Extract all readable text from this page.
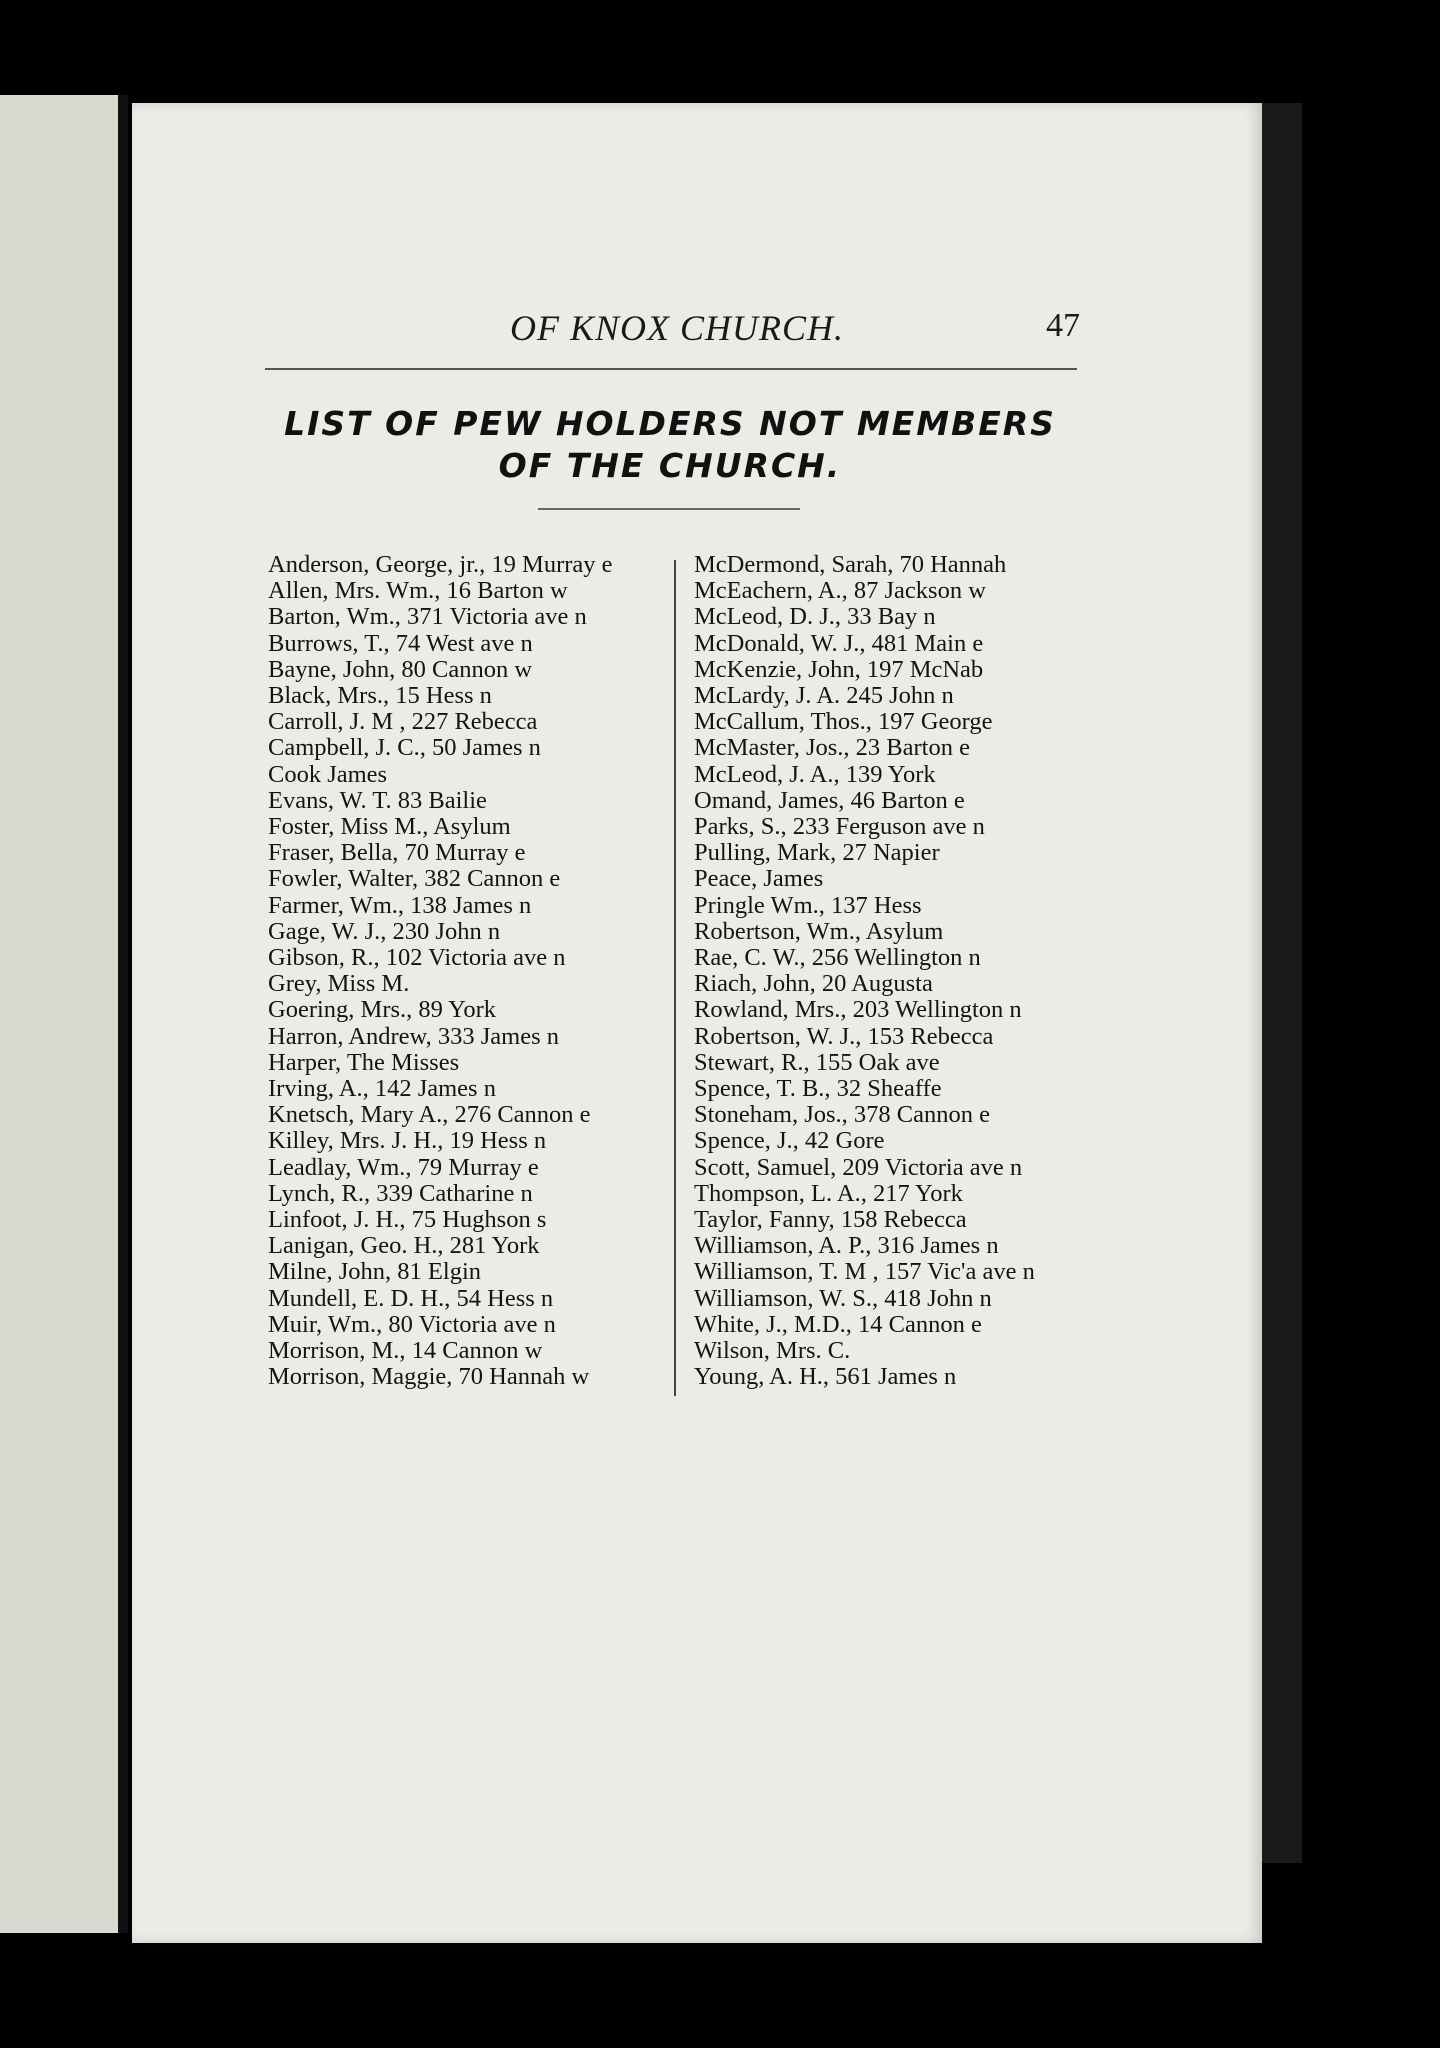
OF KNOX CHURCH.	47
LIST OF PEW HOLDERS NOT MEMBERS
OF THE CHURCH.
Anderson, George, jr., 19 Murray e
Allen, Mrs. Wm., 16 Barton w
Barton, Wm., 371 Victoria ave n
Burrows, T., 74 West ave n
Bayne, John, 80 Cannon w
Black, Mrs., 15 Hess n
Carroll, J. M , 227 Rebecca
Campbell, J. C., 50 James n
Cook James
Evans, W. T. 83 Bailie
Foster, Miss M., Asylum
Fraser, Bella, 70 Murray e
Fowler, Walter, 382 Cannon e
Farmer, Wm., 138 James n
Gage, W. J., 230 John n
Gibson, R., 102 Victoria ave n
Grey, Miss M.
Goering, Mrs., 89 York
Harron, Andrew, 333 James n
Harper, The Misses
Irving, A., 142 James n
Knetsch, Mary A., 276 Cannon e
Killey, Mrs. J. H., 19 Hess n
Leadlay, Wm., 79 Murray e
Lynch, R., 339 Catharine n
Linfoot, J. H., 75 Hughson s
Lanigan, Geo. H., 281 York
Milne, John, 81 Elgin
Mundell, E. D. H., 54 Hess n
Muir, Wm., 80 Victoria ave n
Morrison, M., 14 Cannon w
Morrison, Maggie, 70 Hannah w
McDermond, Sarah, 70 Hannah
McEachern, A., 87 Jackson w
McLeod, D. J., 33 Bay n
McDonald, W. J., 481 Main e
McKenzie, John, 197 McNab
McLardy, J. A. 245 John n
McCallum, Thos., 197 George
McMaster, Jos., 23 Barton e
McLeod, J. A., 139 York
Omand, James, 46 Barton e
Parks, S., 233 Ferguson ave n
Pulling, Mark, 27 Napier
Peace, James
Pringle Wm., 137 Hess
Robertson, Wm., Asylum
Rae, C. W., 256 Wellington n
Riach, John, 20 Augusta
Rowland, Mrs., 203 Wellington n
Robertson, W. J., 153 Rebecca
Stewart, R., 155 Oak ave
Spence, T. B., 32 Sheaffe
Stoneham, Jos., 378 Cannon e
Spence, J., 42 Gore
Scott, Samuel, 209 Victoria ave n
Thompson, L. A., 217 York
Taylor, Fanny, 158 Rebecca
Williamson, A. P., 316 James n
Williamson, T. M , 157 Vic'a ave n
Williamson, W. S., 418 John n
White, J., M.D., 14 Cannon e
Wilson, Mrs. C.
Young, A. H., 561 James n
